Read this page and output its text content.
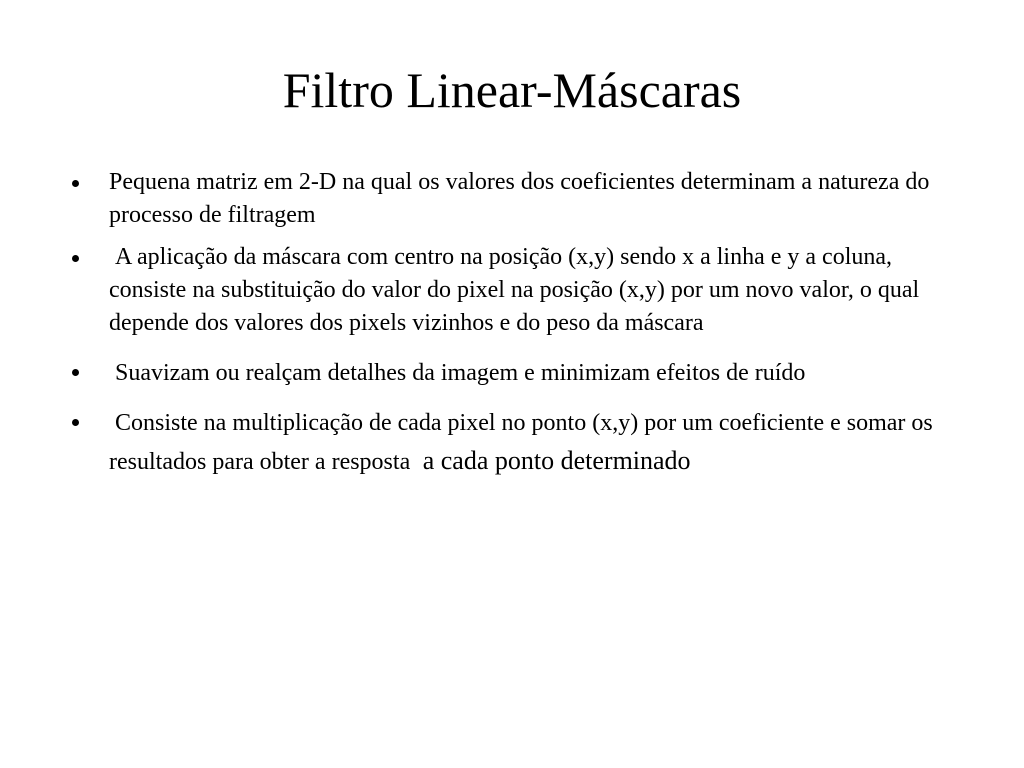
Filtro Linear-Máscaras
Pequena matriz em 2-D na qual os valores dos coeficientes determinam a natureza do processo de filtragem
A aplicação da máscara com centro na posição (x,y) sendo x a linha e y a coluna, consiste na substituição do valor do pixel na posição (x,y) por um novo valor, o qual depende dos valores dos pixels vizinhos e do peso da máscara
Suavizam ou realçam detalhes da imagem e minimizam efeitos de ruído
Consiste na multiplicação de cada pixel no ponto (x,y) por um coeficiente e somar os resultados para obter a resposta  a cada ponto determinado
